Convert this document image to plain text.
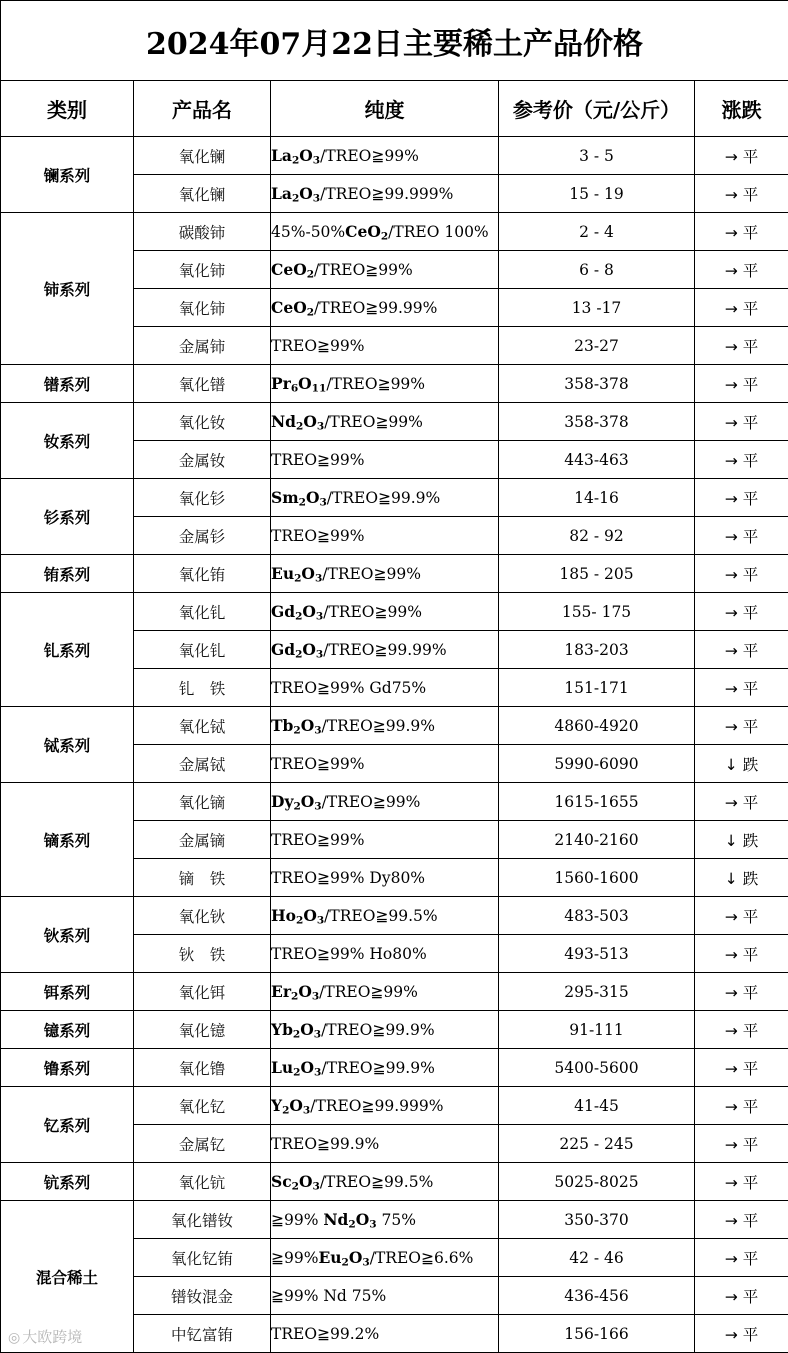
2024年07月22日主要稀土产品价格				
类别	产品名	纯度	参考价（元/公斤）	涨跌
镧系列	氧化镧	$La_2O_3/TREO≧99\%$	3 - 5	→ 平
	氧化镧	$La_2O_3/TREO≧99.999\%$	15 - 19	→ 平
铈系列	碳酸铈	45%-50%CeO$_2$/TREO 100%	2 - 4	→ 平
	氧化铈	CeO$_2$/TREO≧99%	6 - 8	→ 平
	氧化铈	CeO$_2$/TREO≧99.99%	13 -17	→ 平
	金属铈	TREO≧99%	23-27	→ 平
镨系列	氧化镨	$Pr_6O_{11}/TREO≧99\%$	358-378	→ 平
钕系列	氧化钕	$Nd_2O_3/TREO≧99\%$	358-378	→ 平
	金属钕	TREO≧99%	443-463	→ 平
钐系列	氧化钐	$Sm_2O_3/TREO≧99.9\%$	14-16	→ 平
	金属钐	TREO≧99%	82 - 92	→ 平
铕系列	氧化铕	$Eu_2O_3/TREO≧99\%$	185 - 205	→ 平
钆系列	氧化钆	$Gd_2O_3/TREO≧99\%$	155- 175	→ 平
	氧化钆	$Gd_2O_3/TREO≧99.99\%$	183-203	→ 平
	钆　铁	TREO≧99% Gd75%	151-171	→ 平
铽系列	氧化铽	$Tb_2O_3/TREO≧99.9\%$	4860-4920	→ 平
	金属铽	TREO≧99%	5990-6090	↓ 跌
镝系列	氧化镝	$Dy_2O_3/TREO≧99\%$	1615-1655	→ 平
	金属镝	TREO≧99%	2140-2160	↓ 跌
	镝　铁	TREO≧99% Dy80%	1560-1600	↓ 跌
钬系列	氧化钬	$Ho_2O_3/TREO≧99.5\%$	483-503	→ 平
	钬　铁	TREO≧99% Ho80%	493-513	→ 平
铒系列	氧化铒	$Er_2O_3/TREO≧99\%$	295-315	→ 平
镱系列	氧化镱	$Yb_2O_3/TREO≧99.9\%$	91-111	→ 平
镥系列	氧化镥	$Lu_2O_3/TREO≧99.9\%$	5400-5600	→ 平
钇系列	氧化钇	$Y_2O_3/TREO≧99.999\%$	41-45	→ 平
	金属钇	TREO≧99.9%	225 - 245	→ 平
钪系列	氧化钪	$Sc_2O_3/TREO≧99.5\%$	5025-8025	→ 平
混合稀土	氧化镨钕	≧99% $Nd_2O_3$ 75%	350-370	→ 平
	氧化钇铕	$≧99\%Eu_2O_3/TREO≧6.6\%$	42 - 46	→ 平
	镨钕混金	≧99% Nd 75%	436-456	→ 平
	中钇富铕	TREO≧99.2%	156-166	→ 平
◎ 大欧跨境
